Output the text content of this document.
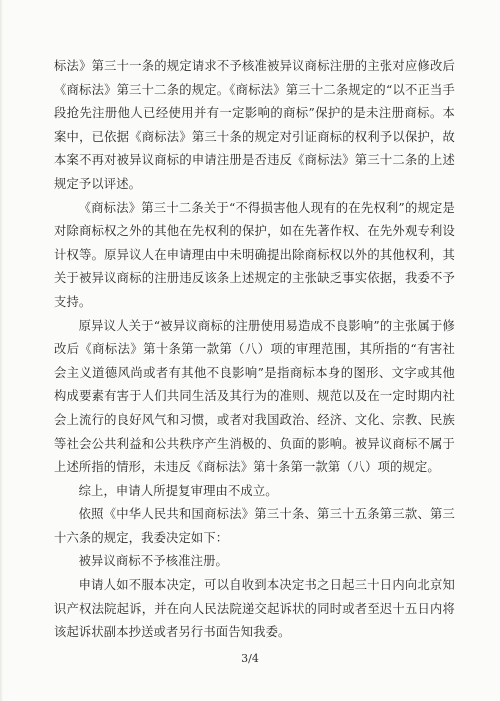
标法》第三十一条的规定请求不予核准被异议商标注册的主张对应修改后《商标法》第三十二条的规定。《商标法》第三十二条规定的“以不正当手段抢先注册他人已经使用并有一定影响的商标”保护的是未注册商标。本案中，已依据《商标法》第三十条的规定对引证商标的权利予以保护，故本案不再对被异议商标的申请注册是否违反《商标法》第三十二条的上述规定予以评述。

《商标法》第三十二条关于“不得损害他人现有的在先权利”的规定是对除商标权之外的其他在先权利的保护，如在先著作权、在先外观专利设计权等。原异议人在申请理由中未明确提出除商标权以外的其他权利，其关于被异议商标的注册违反该条上述规定的主张缺乏事实依据，我委不予支持。

原异议人关于“被异议商标的注册使用易造成不良影响”的主张属于修改后《商标法》第十条第一款第（八）项的审理范围，其所指的“有害社会主义道德风尚或者有其他不良影响”是指商标本身的图形、文字或其他构成要素有害于人们共同生活及其行为的准则、规范以及在一定时期内社会上流行的良好风气和习惯，或者对我国政治、经济、文化、宗教、民族等社会公共利益和公共秩序产生消极的、负面的影响。被异议商标不属于上述所指的情形，未违反《商标法》第十条第一款第（八）项的规定。

综上，申请人所提复审理由不成立。

依照《中华人民共和国商标法》第三十条、第三十五条第三款、第三十六条的规定，我委决定如下：

被异议商标不予核准注册。

申请人如不服本决定，可以自收到本决定书之日起三十日内向北京知识产权法院起诉，并在向人民法院递交起诉状的同时或者至迟十五日内将该起诉状副本抄送或者另行书面告知我委。

3/4
